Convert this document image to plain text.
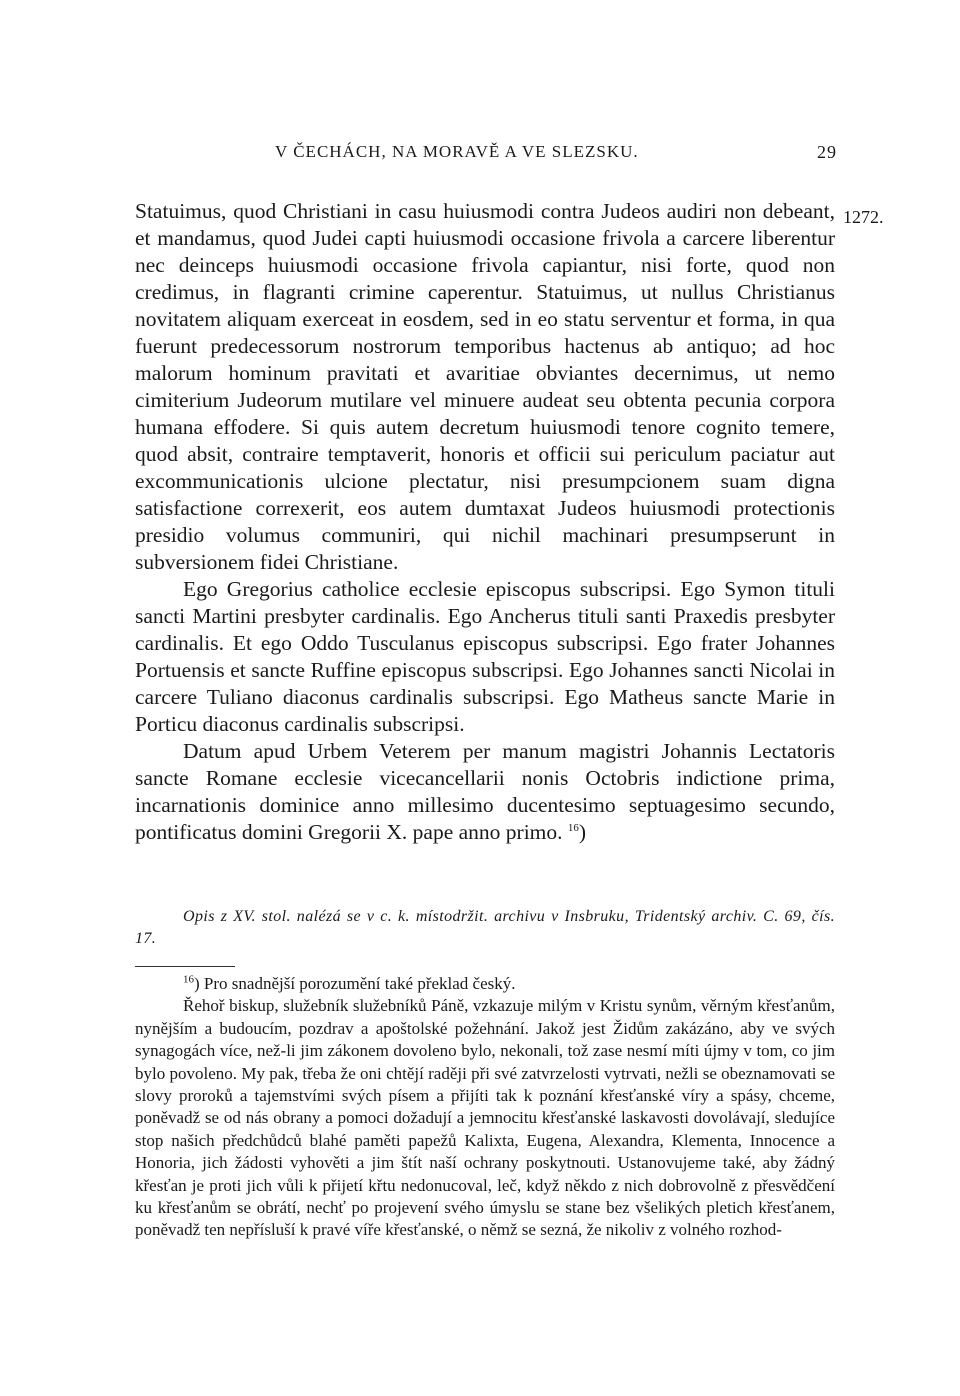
V ČECHÁCH, NA MORAVĚ A VE SLEZSKU.	29
1272.

Statuimus, quod Christiani in casu huiusmodi contra Judeos audiri non debeant, et mandamus, quod Judei capti huiusmodi occasione frivola a carcere liberentur nec deinceps huiusmodi occasione frivola capiantur, nisi forte, quod non credimus, in flagranti crimine caperentur. Statuimus, ut nullus Christianus novitatem aliquam exerceat in eosdem, sed in eo statu serventur et forma, in qua fuerunt predecessorum nostrorum temporibus hactenus ab antiquo; ad hoc malorum hominum pravitati et avaritiae obviantes decernimus, ut nemo cimiterium Judeorum mutilare vel minuere audeat seu obtenta pecunia corpora humana effodere. Si quis autem decretum huiusmodi tenore cognito temere, quod absit, contraire temptaverit, honoris et officii sui periculum paciatur aut excommunicationis ulcione plectatur, nisi presumpcionem suam digna satisfactione correxerit, eos autem dumtaxat Judeos huiusmodi protectionis presidio volumus communiri, qui nichil machinari presumpserunt in subversionem fidei Christiane.

Ego Gregorius catholice ecclesie episcopus subscripsi. Ego Symon tituli sancti Martini presbyter cardinalis. Ego Ancherus tituli santi Praxedis presbyter cardinalis. Et ego Oddo Tusculanus episcopus subscripsi. Ego frater Johannes Portuensis et sancte Ruffine episcopus subscripsi. Ego Johannes sancti Nicolai in carcere Tuliano diaconus cardinalis subscripsi. Ego Matheus sancte Marie in Porticu diaconus cardinalis subscripsi.

Datum apud Urbem Veterem per manum magistri Johannis Lectatoris sancte Romane ecclesie vicecancellarii nonis Octobris indictione prima, incarnationis dominice anno millesimo ducentesimo septuagesimo secundo, pontificatus domini Gregorii X. pape anno primo. $^{16}$)

Opis z XV. stol. nalézá se v c. k. místodržit. archivu v Insbruku, Tridentský archiv. C. 69, čís. 17.

$^{16}$) Pro snadnější porozumění také překlad český.

Řehoř biskup, služebník služebníků Páně, vzkazuje milým v Kristu synům, věrným křesťanům, nynějším a budoucím, pozdrav a apoštolské požehnání. Jakož jest Židům zakázáno, aby ve svých synagogách více, než-li jim zákonem dovoleno bylo, nekonali, tož zase nesmí míti újmy v tom, co jim bylo povoleno. My pak, třeba že oni chtějí raději při své zatvrzelosti vytrvati, nežli se obeznamovati se slovy proroků a tajemstvími svých písem a přijíti tak k poznání křesťanské víry a spásy, chceme, poněvadž se od nás obrany a pomoci dožadují a jemnocitu křesťanské laskavosti dovolávají, sledujíce stop našich předchůdců blahé paměti papežů Kalixta, Eugena, Alexandra, Klementa, Innocence a Honoria, jich žádosti vyhověti a jim štít naší ochrany poskytnouti. Ustanovujeme také, aby žádný křesťan je proti jich vůli k přijetí křtu nedonucoval, leč, když někdo z nich dobrovolně z přesvědčení ku křesťanům se obrátí, nechť po projevení svého úmyslu se stane bez všelikých pletich křesťanem, poněvadž ten nepřísluší k pravé víře křesťanské, o němž se sezná, že nikoliv z volného rozhod-
